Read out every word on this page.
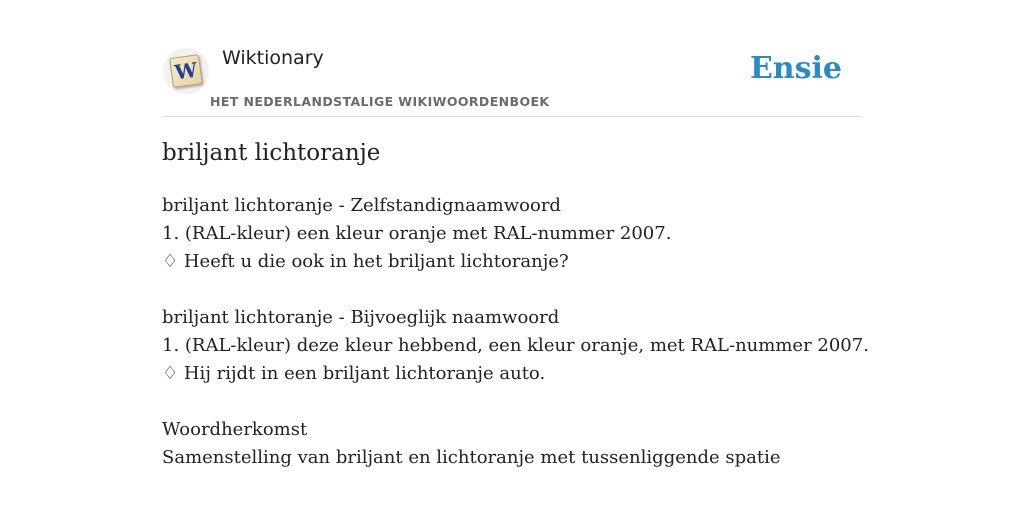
W Wiktionary
HET NEDERLANDSTALIGE WIKIWOORDENBOEK
Ensie
briljant lichtoranje
briljant lichtoranje - Zelfstandignaamwoord
1. (RAL-kleur) een kleur oranje met RAL-nummer 2007.
♢ Heeft u die ook in het briljant lichtoranje?
briljant lichtoranje - Bijvoeglijk naamwoord
1. (RAL-kleur) deze kleur hebbend, een kleur oranje, met RAL-nummer 2007.
♢ Hij rijdt in een briljant lichtoranje auto.
Woordherkomst
Samenstelling van briljant en lichtoranje met tussenliggende spatie
